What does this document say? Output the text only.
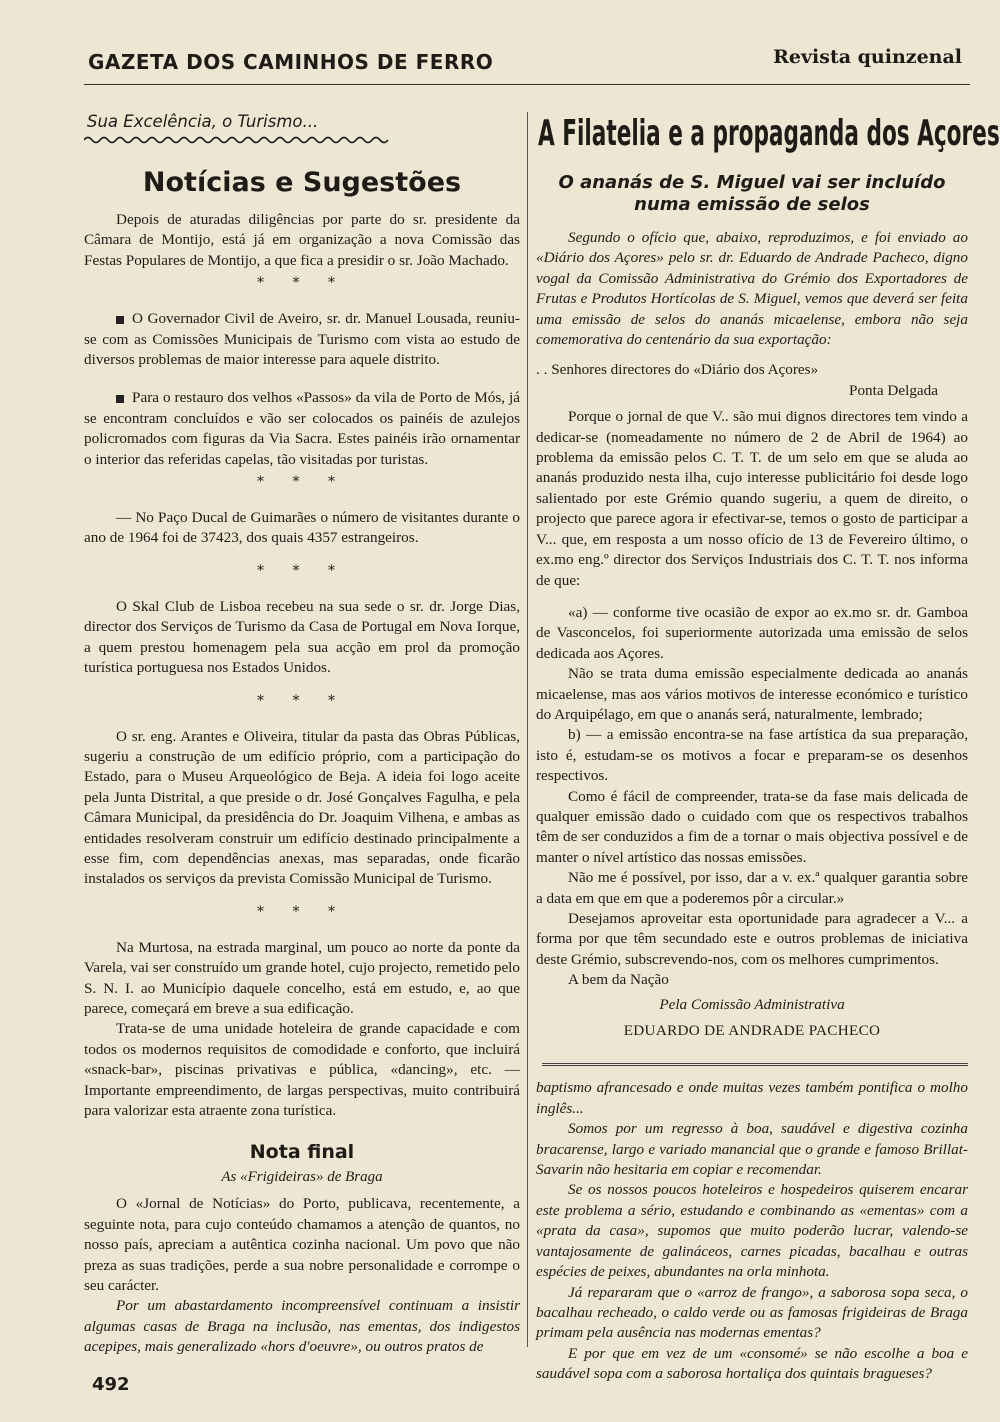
GAZETA DOS CAMINHOS DE FERRO	Revista quinzenal
Sua Excelência, o Turismo...
Notícias e Sugestões

Depois de aturadas diligências por parte do sr. presidente da Câmara de Montijo, está já em organização a nova Comissão das Festas Populares de Montijo, a que fica a presidir o sr. João Machado.

* * *

O Governador Civil de Aveiro, sr. dr. Manuel Lousada, reuniu-se com as Comissões Municipais de Turismo com vista ao estudo de diversos problemas de maior interesse para aquele distrito.

Para o restauro dos velhos «Passos» da vila de Porto de Mós, já se encontram concluídos e vão ser colocados os painéis de azulejos policromados com figuras da Via Sacra. Estes painéis irão ornamentar o interior das referidas capelas, tão visitadas por turistas.

* * *

— No Paço Ducal de Guimarães o número de visitantes durante o ano de 1964 foi de 37423, dos quais 4357 estrangeiros.

* * *

O Skal Club de Lisboa recebeu na sua sede o sr. dr. Jorge Dias, director dos Serviços de Turismo da Casa de Portugal em Nova Iorque, a quem prestou homenagem pela sua acção em prol da promoção turística portuguesa nos Estados Unidos.

* * *

O sr. eng. Arantes e Oliveira, titular da pasta das Obras Públicas, sugeriu a construção de um edifício próprio, com a participação do Estado, para o Museu Arqueológico de Beja. A ideia foi logo aceite pela Junta Distrital, a que preside o dr. José Gonçalves Fagulha, e pela Câmara Municipal, da presidência do Dr. Joaquim Vilhena, e ambas as entidades resolveram construir um edifício destinado principalmente a esse fim, com dependências anexas, mas separadas, onde ficarão instalados os serviços da prevista Comissão Municipal de Turismo.

* * *

Na Murtosa, na estrada marginal, um pouco ao norte da ponte da Varela, vai ser construído um grande hotel, cujo projecto, remetido pelo S. N. I. ao Município daquele concelho, está em estudo, e, ao que parece, começará em breve a sua edificação.

Trata-se de uma unidade hoteleira de grande capacidade e com todos os modernos requisitos de comodidade e conforto, que incluirá «snack-bar», piscinas privativas e pública, «dancing», etc. — Importante empreendimento, de largas perspectivas, muito contribuirá para valorizar esta atraente zona turística.

Nota final
As «Frigideiras» de Braga

O «Jornal de Notícias» do Porto, publicava, recentemente, a seguinte nota, para cujo conteúdo chamamos a atenção de quantos, no nosso país, apreciam a autêntica cozinha nacional. Um povo que não preza as suas tradições, perde a sua nobre personalidade e corrompe o seu carácter.

Por um abastardamento incompreensível continuam a insistir algumas casas de Braga na inclusão, nas ementas, dos indigestos acepipes, mais generalizado «hors d'oeuvre», ou outros pratos de

A Filatelia e a propaganda dos Açores
O ananás de S. Miguel vai ser incluído numa emissão de selos

Segundo o ofício que, abaixo, reproduzimos, e foi enviado ao «Diário dos Açores» pelo sr. dr. Eduardo de Andrade Pacheco, digno vogal da Comissão Administrativa do Grémio dos Exportadores de Frutas e Produtos Hortícolas de S. Miguel, vemos que deverá ser feita uma emissão de selos do ananás micaelense, embora não seja comemorativa do centenário da sua exportação:

. . Senhores directores do «Diário dos Açores»

Ponta Delgada

Porque o jornal de que V.. são mui dignos directores tem vindo a dedicar-se (nomeadamente no número de 2 de Abril de 1964) ao problema da emissão pelos C. T. T. de um selo em que se aluda ao ananás produzido nesta ilha, cujo interesse publicitário foi desde logo salientado por este Grémio quando sugeriu, a quem de direito, o projecto que parece agora ir efectivar-se, temos o gosto de participar a V... que, em resposta a um nosso ofício de 13 de Fevereiro último, o ex.mo eng.º director dos Serviços Industriais dos C. T. T. nos informa de que:

«a) — conforme tive ocasião de expor ao ex.mo sr. dr. Gamboa de Vasconcelos, foi superiormente autorizada uma emissão de selos dedicada aos Açores.

Não se trata duma emissão especialmente dedicada ao ananás micaelense, mas aos vários motivos de interesse económico e turístico do Arquipélago, em que o ananás será, naturalmente, lembrado;

b) — a emissão encontra-se na fase artística da sua preparação, isto é, estudam-se os motivos a focar e preparam-se os desenhos respectivos.

Como é fácil de compreender, trata-se da fase mais delicada de qualquer emissão dado o cuidado com que os respectivos trabalhos têm de ser conduzidos a fim de a tornar o mais objectiva possível e de manter o nível artístico das nossas emissões.

Não me é possível, por isso, dar a v. ex.ª qualquer garantia sobre a data em que em que a poderemos pôr a circular.»

Desejamos aproveitar esta oportunidade para agradecer a V... a forma por que têm secundado este e outros problemas de iniciativa deste Grémio, subscrevendo-nos, com os melhores cumprimentos.

A bem da Nação

Pela Comissão Administrativa

EDUARDO DE ANDRADE PACHECO

baptismo afrancesado e onde muitas vezes também pontifica o molho inglês...

Somos por um regresso à boa, saudável e digestiva cozinha bracarense, largo e variado manancial que o grande e famoso Brillat-Savarin não hesitaria em copiar e recomendar.

Se os nossos poucos hoteleiros e hospedeiros quiserem encarar este problema a sério, estudando e combinando as «ementas» com a «prata da casa», supomos que muito poderão lucrar, valendo-se vantajosamente de galináceos, carnes picadas, bacalhau e outras espécies de peixes, abundantes na orla minhota.

Já repararam que o «arroz de frango», a saborosa sopa seca, o bacalhau recheado, o caldo verde ou as famosas frigideiras de Braga primam pela ausência nas modernas ementas?

E por que em vez de um «consomé» se não escolhe a boa e saudável sopa com a saborosa hortaliça dos quintais bragueses?

492
